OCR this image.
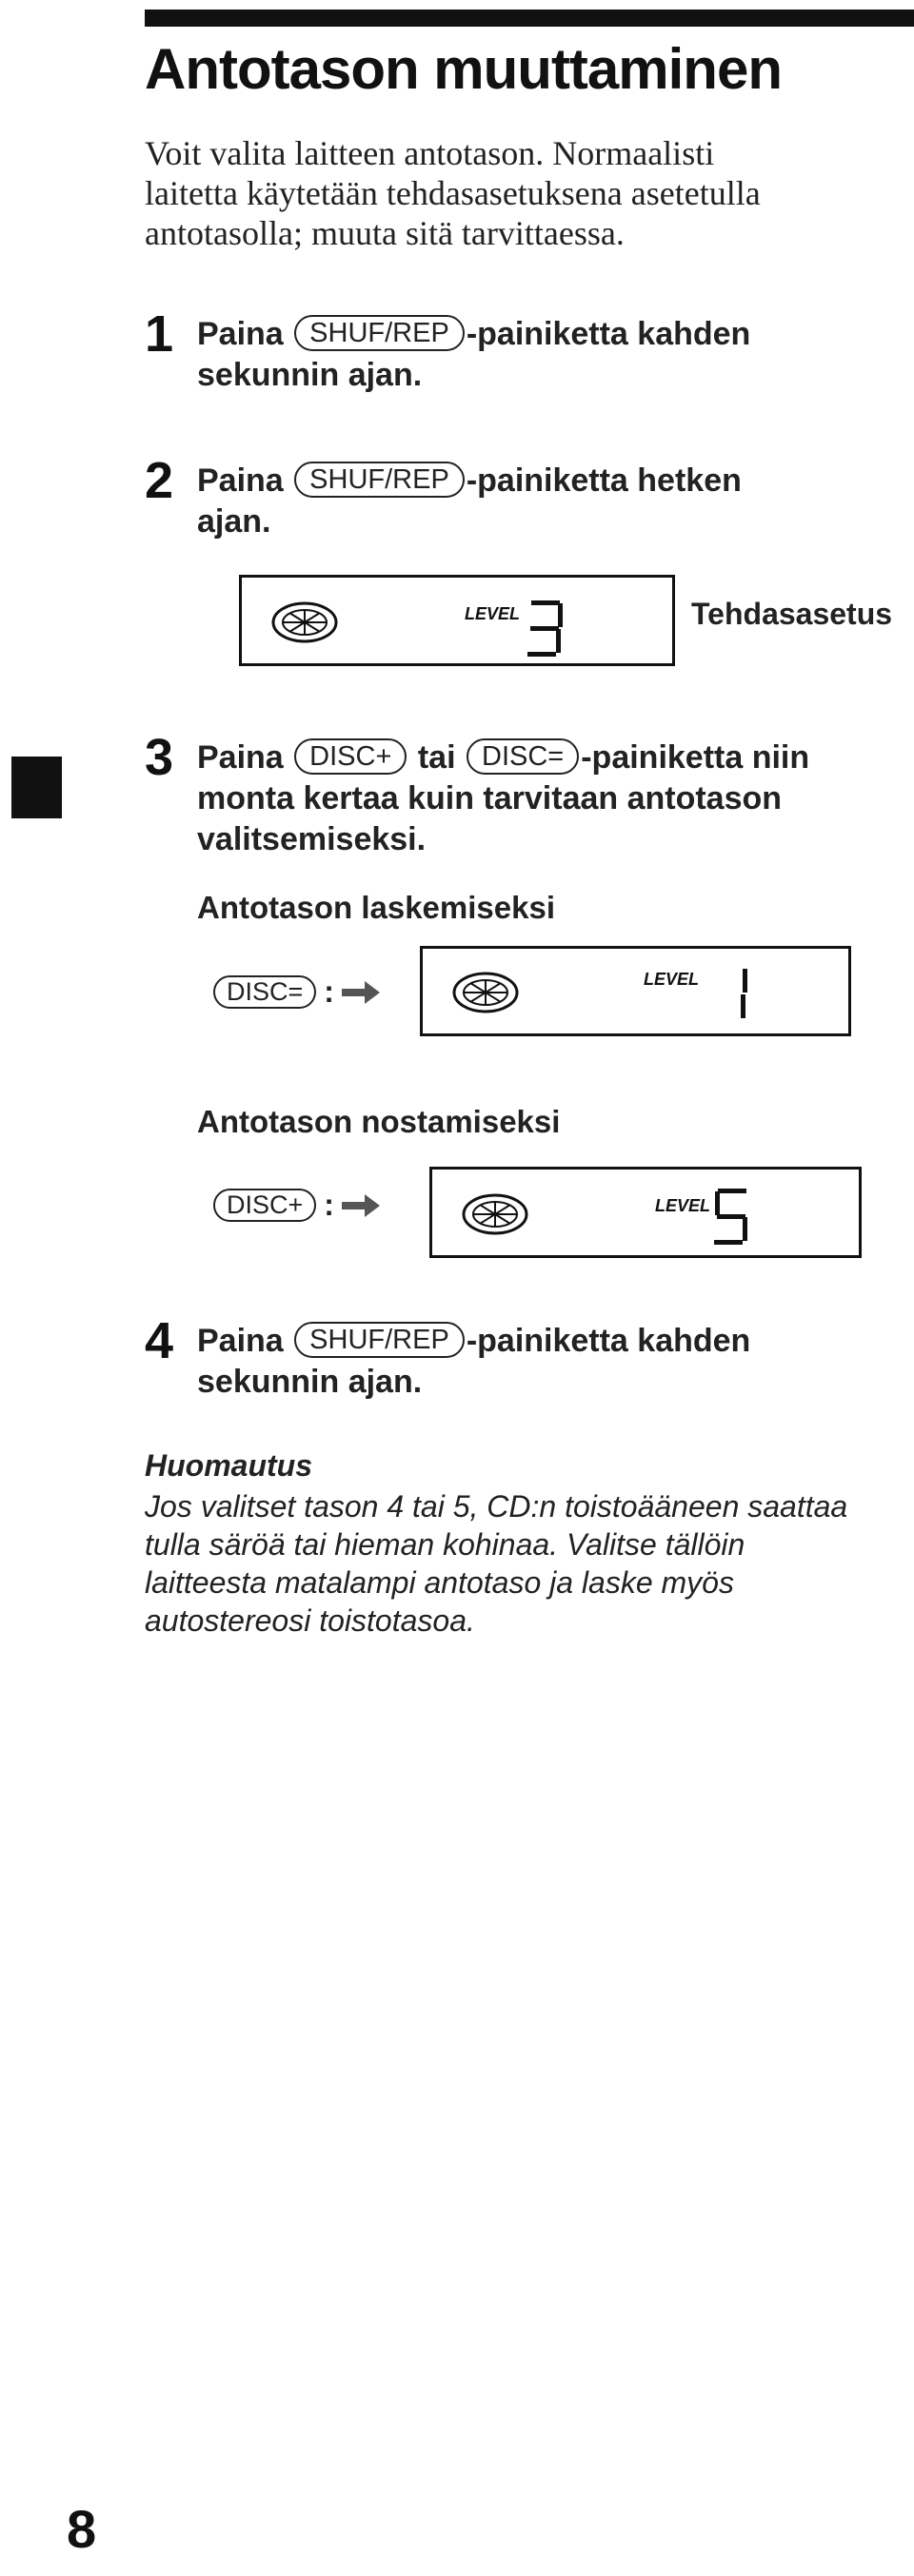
Antotason muuttaminen
Voit valita laitteen antotason. Normaalisti
laitetta käytetään tehdasasetuksena asetetulla
antotasolla; muuta sitä tarvittaessa.
1 Paina SHUF/REP -painiketta kahden
sekunnin ajan.
2 Paina SHUF/REP -painiketta hetken
ajan.
LEVEL	Tehdasasetus
3 Paina DISC+ tai DISC= -painiketta niin
monta kertaa kuin tarvitaan antotason
valitsemiseksi.
Antotason laskemiseksi
DISC= :	LEVEL
Antotason nostamiseksi
DISC+ :	LEVEL
4 Paina SHUF/REP -painiketta kahden
sekunnin ajan.
Huomautus
Jos valitset tason 4 tai 5, CD:n toistoääneen saattaa
tulla säröä tai hieman kohinaa. Valitse tällöin
laitteesta matalampi antotaso ja laske myös
autostereosi toistotasoa.
8
